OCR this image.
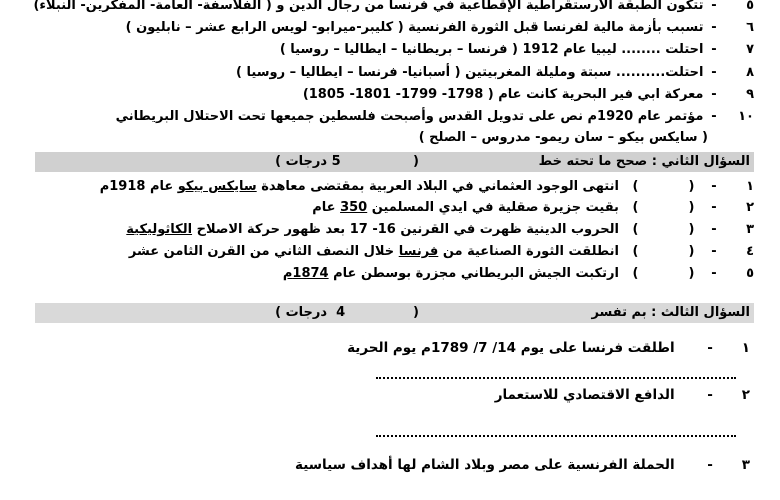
٥- تتكون الطبقة الارستقراطية الإقطاعية في فرنسا من رجال الدين و ( الفلاسفة- العامة- المفكرين- النبلاء)
٦- تسبب بأزمة مالية لفرنسا قبل الثورة الفرنسية ( كليبر-ميرابو- لويس الرابع عشر – نابليون )
٧- احتلت ........ ليبيا عام 1912 ( فرنسا – بريطانيا – ايطاليا – روسيا )
٨- احتلت.......... سبتة ومليلة المغربيتين ( أسبانيا- فرنسا – ايطاليا – روسيا )
٩- معركة ابي فير البحرية كانت عام ( 1798- 1799- 1801- 1805)
١٠- مؤتمر عام 1920م نص على تدويل القدس وأصبحت فلسطين جميعها تحت الاحتلال البريطاني
( سايكس بيكو – سان ريمو- مدروس – الصلح )
السؤال الثاني : صحح ما تحته خط
(                5 درجات )
١- () انتهى الوجود العثماني في البلاد العربية بمقتضى معاهدة سايكس بيكو عام 1918م
٢- () بقيت جزيرة صقلية في ايدي المسلمين 350 عام
٣- () الحروب الدينية ظهرت في القرنين 16- 17 بعد ظهور حركة الاصلاح الكاثوليكية
٤- () انطلقت الثورة الصناعية من فرنسا خلال النصف الثاني من القرن الثامن عشر
٥- () ارتكبت الجيش البريطاني مجزرة بوسطن عام 1874م
السؤال الثالث : بم تفسر
(               4  درجات )
١-  اطلقت فرنسا على يوم 14/ 7/ 1789م يوم الحرية
٢-  الدافع الاقتصادي للاستعمار
٣-  الحملة الفرنسية على مصر وبلاد الشام لها أهداف سياسية
